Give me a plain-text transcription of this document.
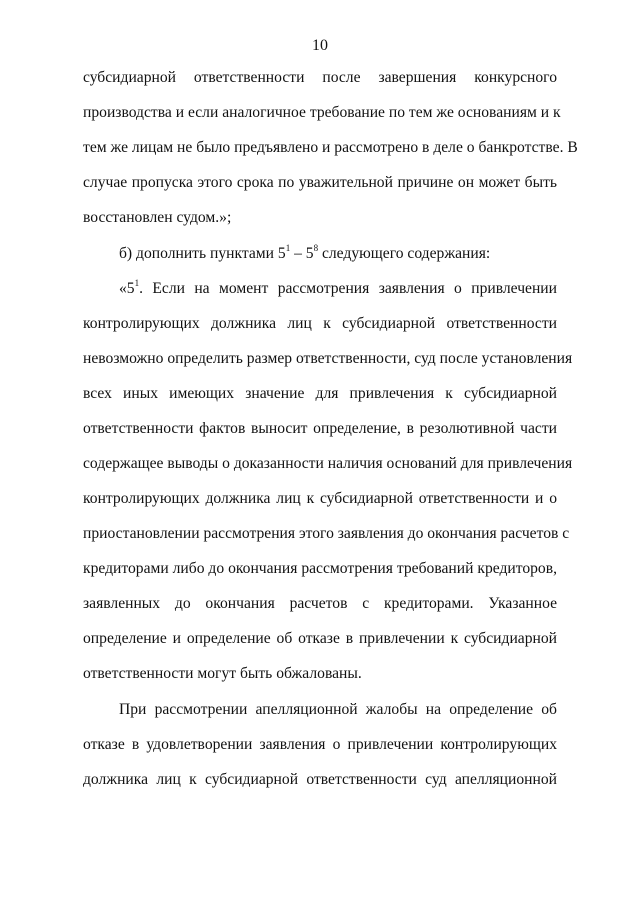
10
субсидиарной ответственности после завершения конкурсного
производства и если аналогичное требование по тем же основаниям и к
тем же лицам не было предъявлено и рассмотрено в деле о банкротстве. В
случае пропуска этого срока по уважительной причине он может быть
восстановлен судом.»;
б) дополнить пунктами $5^1 - 5^8$ следующего содержания:
«$5^1$. Если на момент рассмотрения заявления о привлечении
контролирующих должника лиц к субсидиарной ответственности
невозможно определить размер ответственности, суд после установления
всех иных имеющих значение для привлечения к субсидиарной
ответственности фактов выносит определение, в резолютивной части
содержащее выводы о доказанности наличия оснований для привлечения
контролирующих должника лиц к субсидиарной ответственности и о
приостановлении рассмотрения этого заявления до окончания расчетов с
кредиторами либо до окончания рассмотрения требований кредиторов,
заявленных до окончания расчетов с кредиторами. Указанное
определение и определение об отказе в привлечении к субсидиарной
ответственности могут быть обжалованы.
При рассмотрении апелляционной жалобы на определение об
отказе в удовлетворении заявления о привлечении контролирующих
должника лиц к субсидиарной ответственности суд апелляционной
